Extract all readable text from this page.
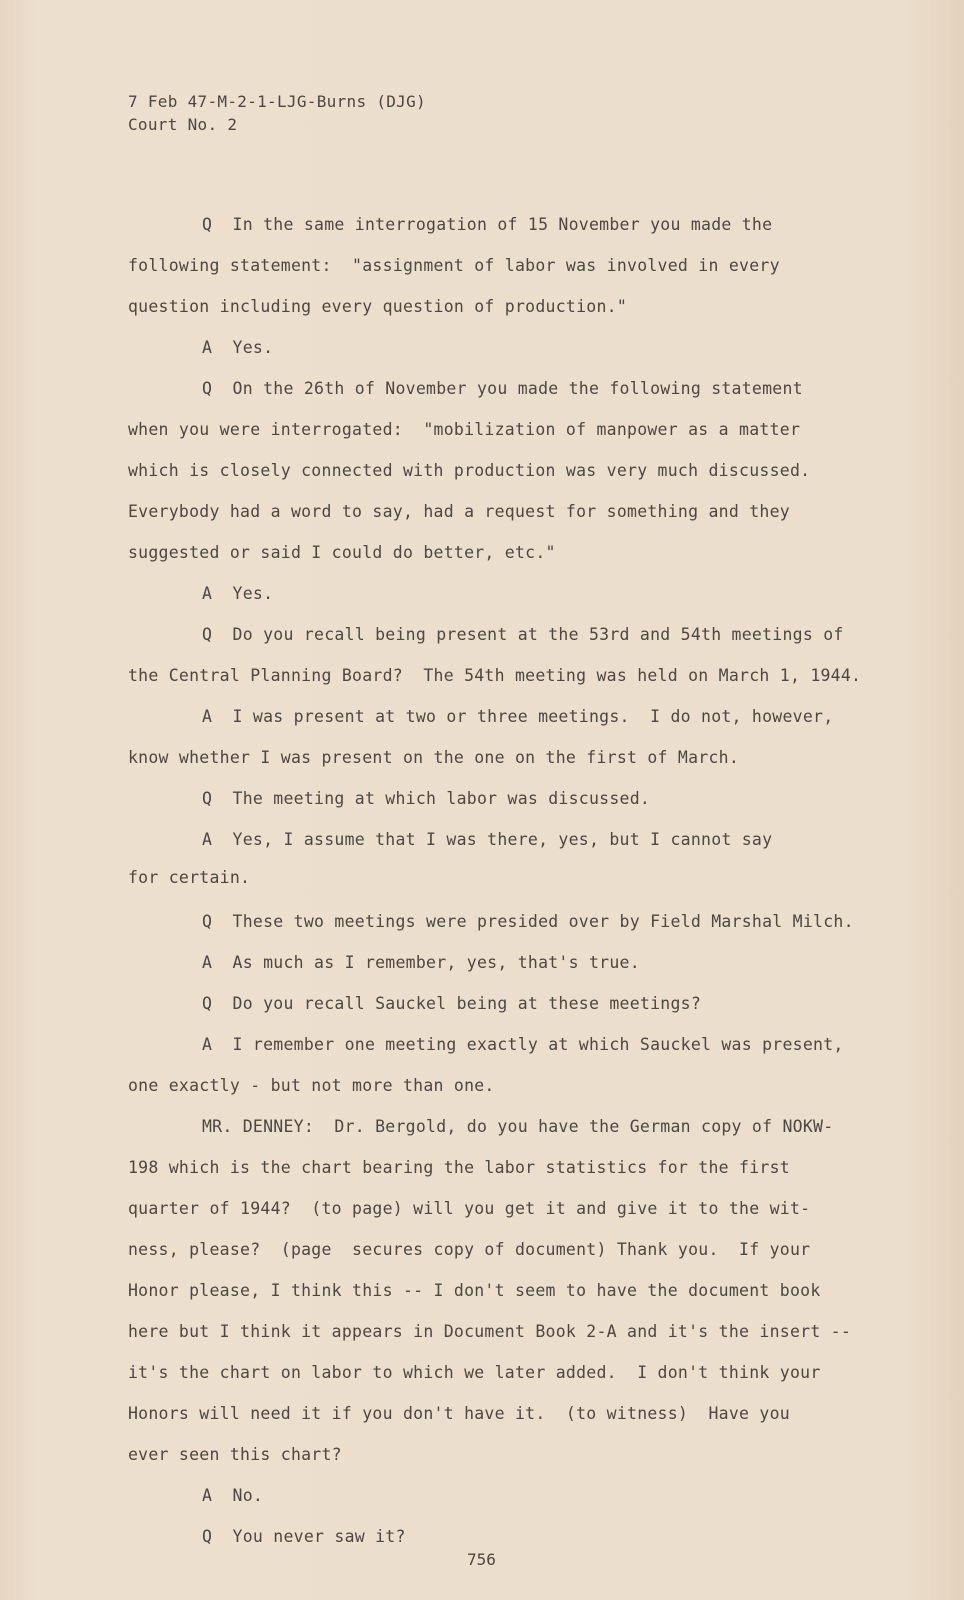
7 Feb 47-M-2-1-LJG-Burns (DJG)
Court No. 2
Q  In the same interrogation of 15 November you made the
following statement:  "assignment of labor was involved in every
question including every question of production."
A  Yes.
Q  On the 26th of November you made the following statement
when you were interrogated:  "mobilization of manpower as a matter
which is closely connected with production was very much discussed.
Everybody had a word to say, had a request for something and they
suggested or said I could do better, etc."
A  Yes.
Q  Do you recall being present at the 53rd and 54th meetings of
the Central Planning Board?  The 54th meeting was held on March 1, 1944.
A  I was present at two or three meetings.  I do not, however,
know whether I was present on the one on the first of March.
Q  The meeting at which labor was discussed.
A  Yes, I assume that I was there, yes, but I cannot say
for certain.
Q  These two meetings were presided over by Field Marshal Milch.
A  As much as I remember, yes, that's true.
Q  Do you recall Sauckel being at these meetings?
A  I remember one meeting exactly at which Sauckel was present,
one exactly - but not more than one.
MR. DENNEY:  Dr. Bergold, do you have the German copy of NOKW-
198 which is the chart bearing the labor statistics for the first
quarter of 1944?  (to page) will you get it and give it to the wit-
ness, please?  (page  secures copy of document) Thank you.  If your
Honor please, I think this -- I don't seem to have the document book
here but I think it appears in Document Book 2-A and it's the insert --
it's the chart on labor to which we later added.  I don't think your
Honors will need it if you don't have it.  (to witness)  Have you
ever seen this chart?
A  No.
Q  You never saw it?
756
